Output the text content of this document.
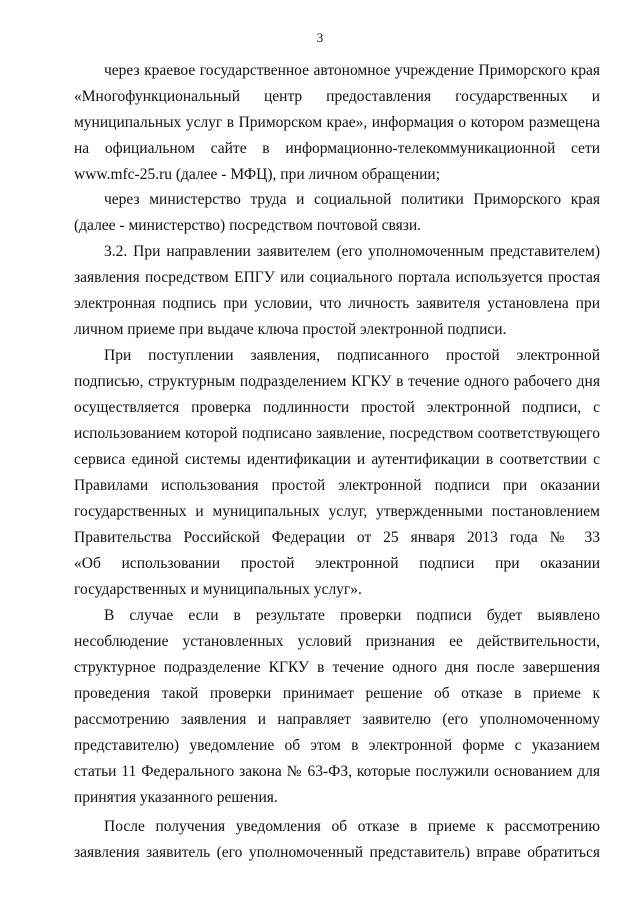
3
через краевое государственное автономное учреждение Приморского края
«Многофункциональный центр предоставления государственных и
муниципальных услуг в Приморском крае», информация о котором размещена
на официальном сайте в информационно-телекоммуникационной сети
www.mfc-25.ru (далее - МФЦ), при личном обращении;
через министерство труда и социальной политики Приморского края
(далее - министерство) посредством почтовой связи.
3.2. При направлении заявителем (его уполномоченным представителем)
заявления посредством ЕПГУ или социального портала используется простая
электронная подпись при условии, что личность заявителя установлена при
личном приеме при выдаче ключа простой электронной подписи.
При поступлении заявления, подписанного простой электронной
подписью, структурным подразделением КГКУ в течение одного рабочего дня
осуществляется проверка подлинности простой электронной подписи, с
использованием которой подписано заявление, посредством соответствующего
сервиса единой системы идентификации и аутентификации в соответствии с
Правилами использования простой электронной подписи при оказании
государственных и муниципальных услуг, утвержденными постановлением
Правительства Российской Федерации от 25 января 2013 года № 33
«Об использовании простой электронной подписи при оказании
государственных и муниципальных услуг».
В случае если в результате проверки подписи будет выявлено
несоблюдение установленных условий признания ее действительности,
структурное подразделение КГКУ в течение одного дня после завершения
проведения такой проверки принимает решение об отказе в приеме к
рассмотрению заявления и направляет заявителю (его уполномоченному
представителю) уведомление об этом в электронной форме с указанием
статьи 11 Федерального закона № 63-ФЗ, которые послужили основанием для
принятия указанного решения.
После получения уведомления об отказе в приеме к рассмотрению
заявления заявитель (его уполномоченный представитель) вправе обратиться
